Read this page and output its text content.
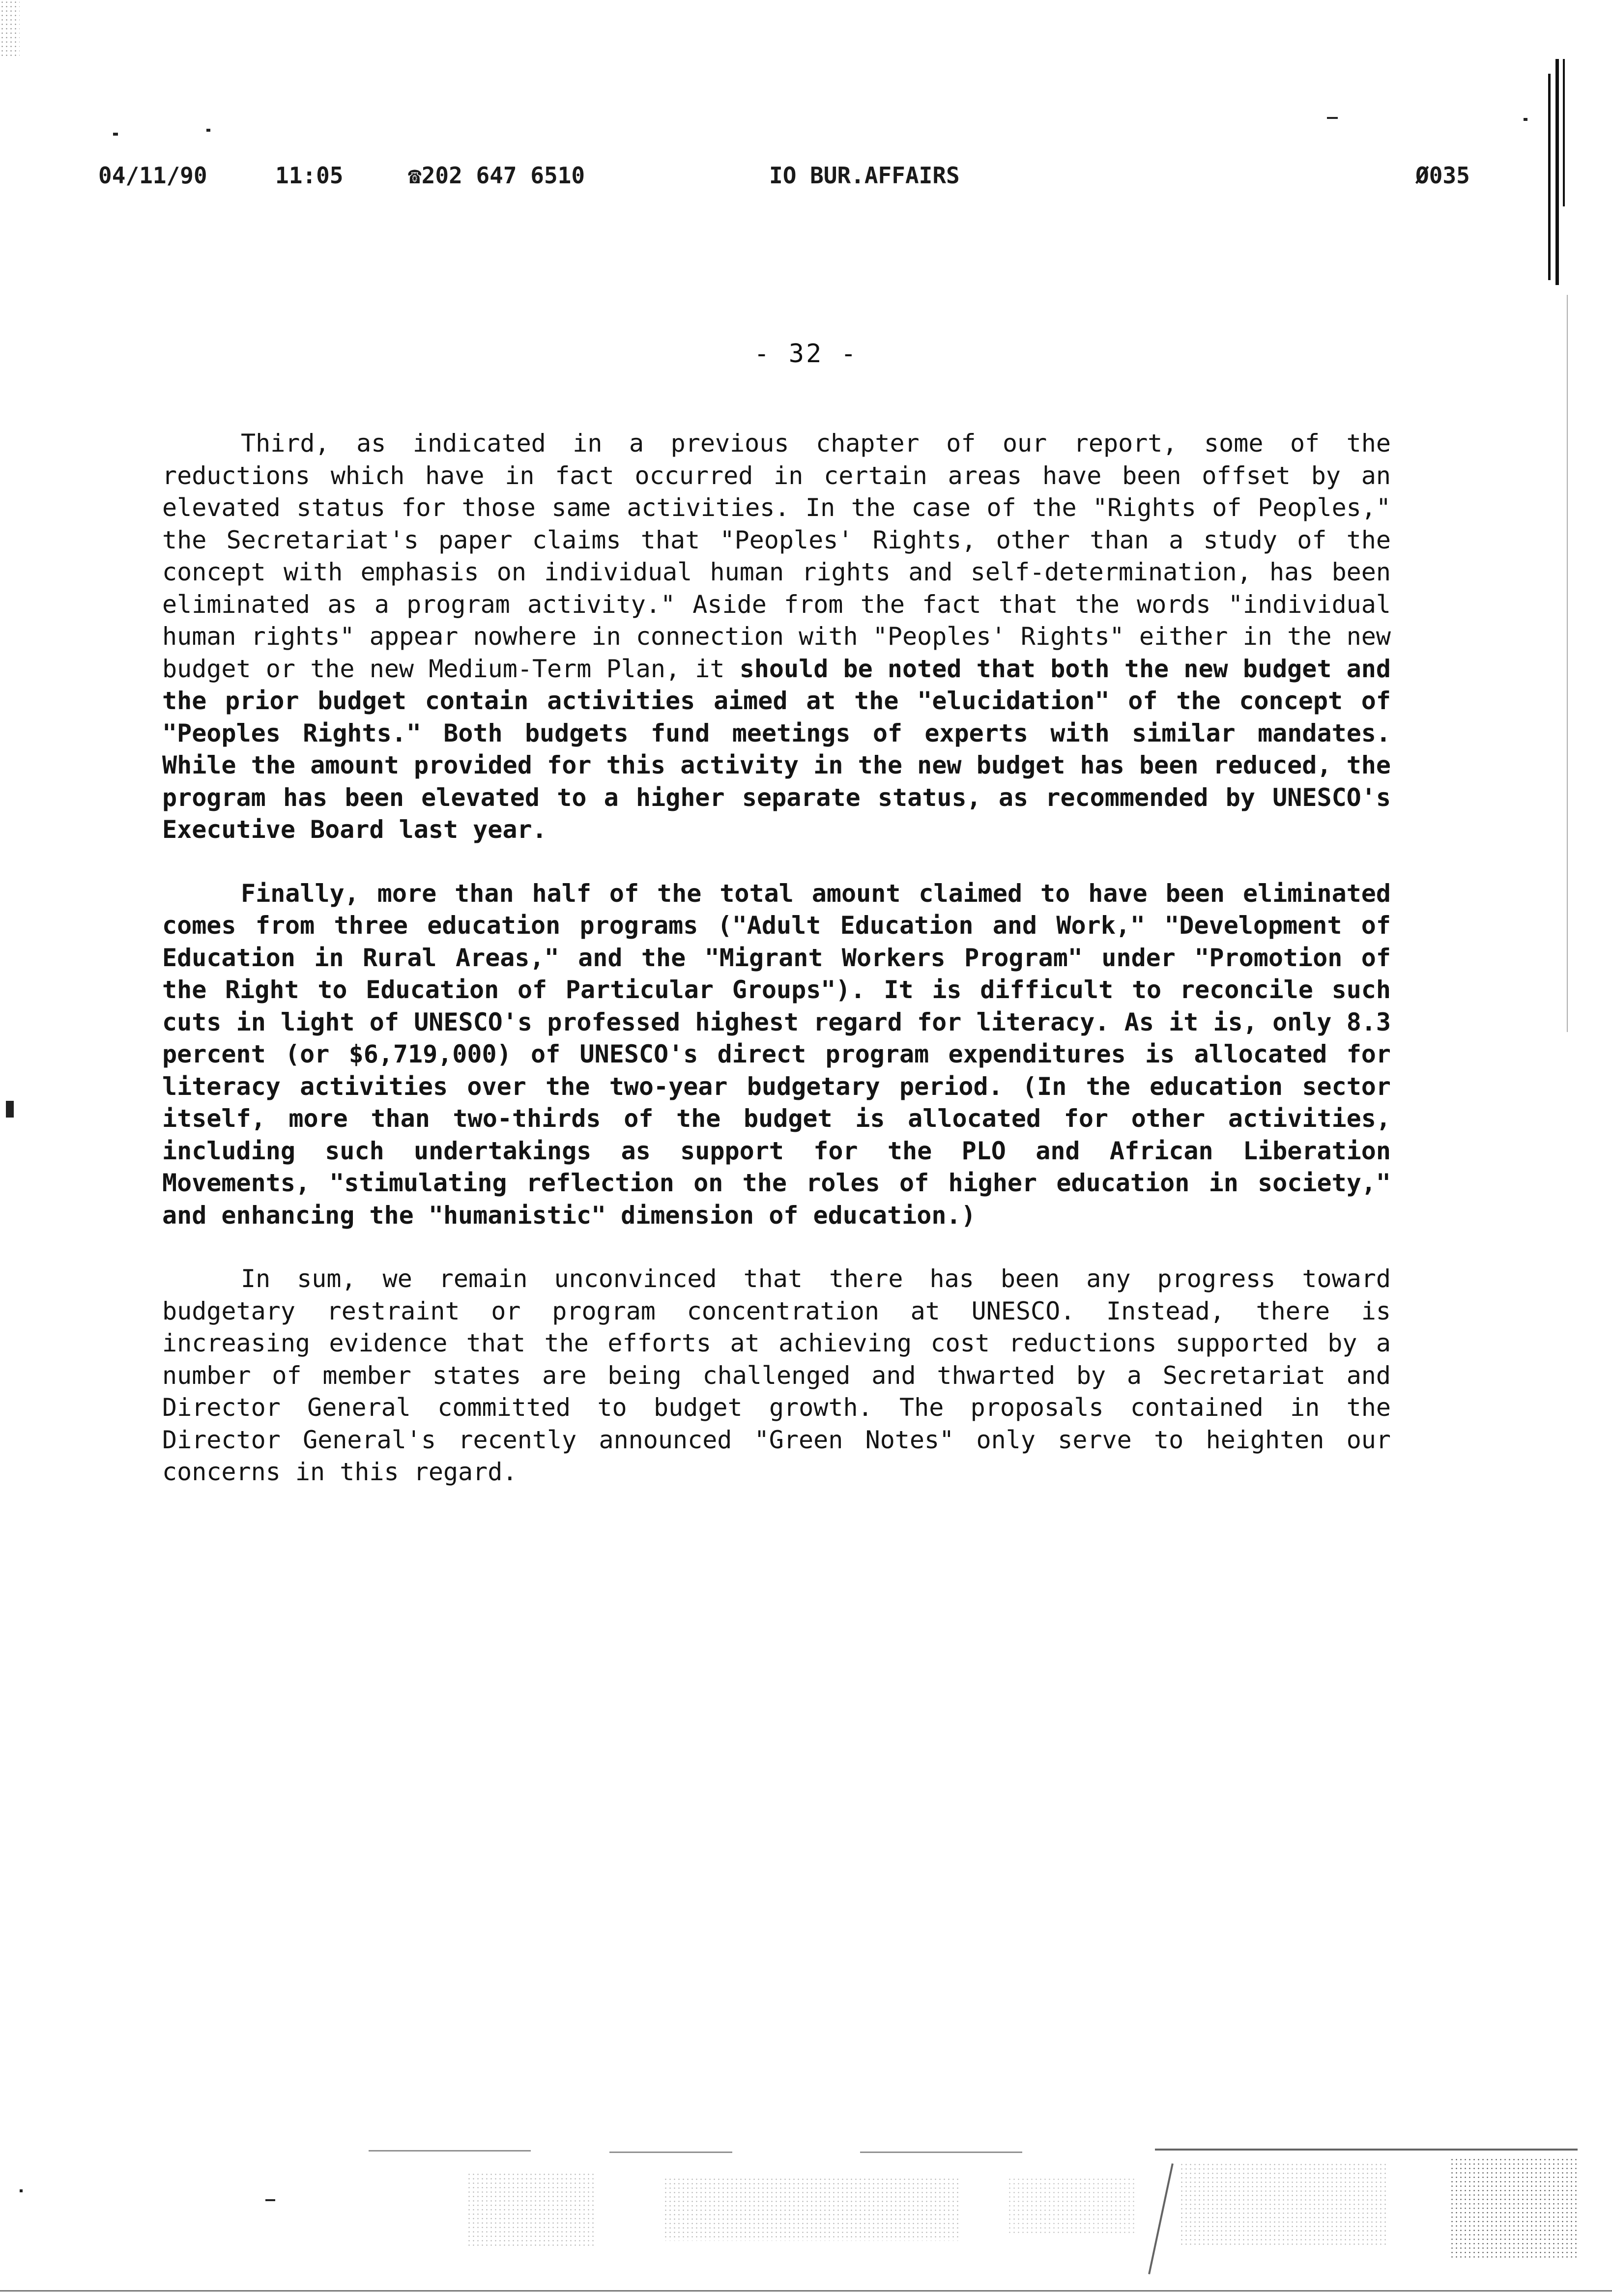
04/11/90	11:05	☎202 647 6510	IO BUR.AFFAIRS	Ø035
- 32 -

Third, as indicated in a previous chapter of our report, some of the reductions which have in fact occurred in certain areas have been offset by an elevated status for those same activities. In the case of the "Rights of Peoples," the Secretariat's paper claims that "Peoples' Rights, other than a study of the concept with emphasis on individual human rights and self-determination, has been eliminated as a program activity." Aside from the fact that the words "individual human rights" appear nowhere in connection with "Peoples' Rights" either in the new budget or the new Medium-Term Plan, it should be noted that both the new budget and the prior budget contain activities aimed at the "elucidation" of the concept of "Peoples Rights." Both budgets fund meetings of experts with similar mandates. While the amount provided for this activity in the new budget has been reduced, the program has been elevated to a higher separate status, as recommended by UNESCO's Executive Board last year.

Finally, more than half of the total amount claimed to have been eliminated comes from three education programs ("Adult Education and Work," "Development of Education in Rural Areas," and the "Migrant Workers Program" under "Promotion of the Right to Education of Particular Groups"). It is difficult to reconcile such cuts in light of UNESCO's professed highest regard for literacy. As it is, only 8.3 percent (or $6,719,000) of UNESCO's direct program expenditures is allocated for literacy activities over the two-year budgetary period. (In the education sector itself, more than two-thirds of the budget is allocated for other activities, including such undertakings as support for the PLO and African Liberation Movements, "stimulating reflection on the roles of higher education in society," and enhancing the "humanistic" dimension of education.)

In sum, we remain unconvinced that there has been any progress toward budgetary restraint or program concentration at UNESCO. Instead, there is increasing evidence that the efforts at achieving cost reductions supported by a number of member states are being challenged and thwarted by a Secretariat and Director General committed to budget growth. The proposals contained in the Director General's recently announced "Green Notes" only serve to heighten our concerns in this regard.
